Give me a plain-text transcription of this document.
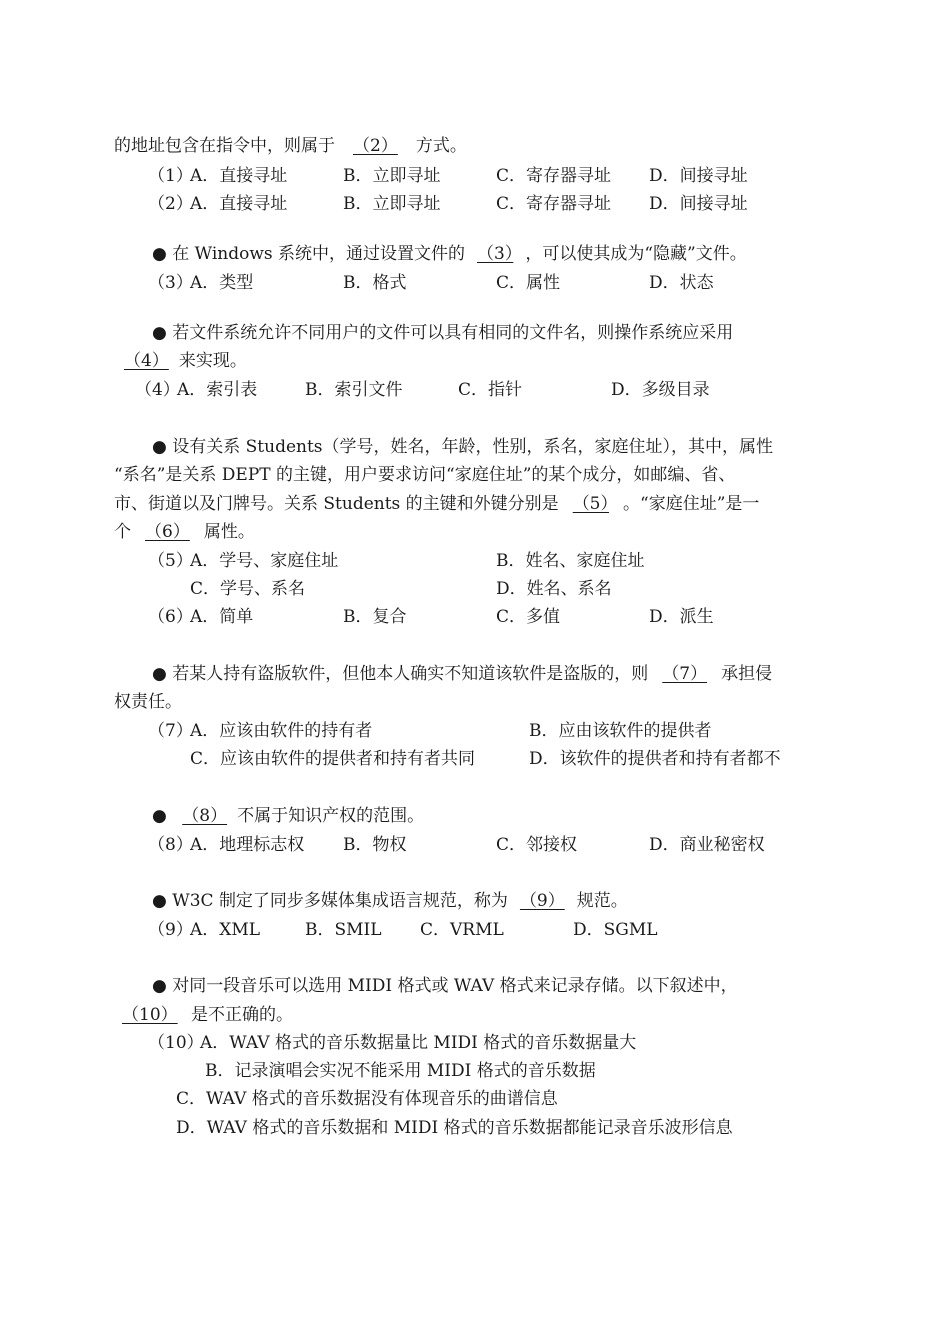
的地址包含在指令中，则属于 （2） 方式。
（1）
A．直接寻址	B．立即寻址	C．寄存器寻址 D．间接寻址
（2）
A．直接寻址	B．立即寻址	C．寄存器寻址 D．间接寻址
● 在 Windows 系统中，通过设置文件的 （3） ，可以使其成为“隐藏”文件。
（3）
A．类型	B．格式	C．属性	D．状态
● 若文件系统允许不同用户的文件可以具有相同的文件名，则操作系统应采用
（4） 来实现。
（4）
A．索引表	B．索引文件	C．指针	D．多级目录
● 设有关系 Students（学号，姓名，年龄，性别，系名，家庭住址），其中，属性
“系名”是关系 DEPT 的主键，用户要求访问“家庭住址”的某个成分，如邮编、省、
市、街道以及门牌号。关系 Students 的主键和外键分别是 （5） 。“家庭住址”是一
个 （6） 属性。
（5）
A．学号、家庭住址	B．姓名、家庭住址
C．学号、系名	D．姓名、系名
（6）
A．简单	B．复合	C．多值	D．派生
● 若某人持有盗版软件，但他本人确实不知道该软件是盗版的，则 （7） 承担侵
权责任。
（7）
A．应该由软件的持有者	B．应由该软件的提供者
C．应该由软件的提供者和持有者共同	D．该软件的提供者和持有者都不
● （8） 不属于知识产权的范围。
（8）
A．地理标志权 B．物权	C．邻接权	D．商业秘密权
● W3C 制定了同步多媒体集成语言规范，称为 （9） 规范。
（9）
A．XML	B．SMIL C．VRML	D．SGML
● 对同一段音乐可以选用 MIDI 格式或 WAV 格式来记录存储。以下叙述中，
（10） 是不正确的。
（10）
A．WAV 格式的音乐数据量比 MIDI 格式的音乐数据量大
B．记录演唱会实况不能采用 MIDI 格式的音乐数据
C．WAV 格式的音乐数据没有体现音乐的曲谱信息
D．WAV 格式的音乐数据和 MIDI 格式的音乐数据都能记录音乐波形信息
